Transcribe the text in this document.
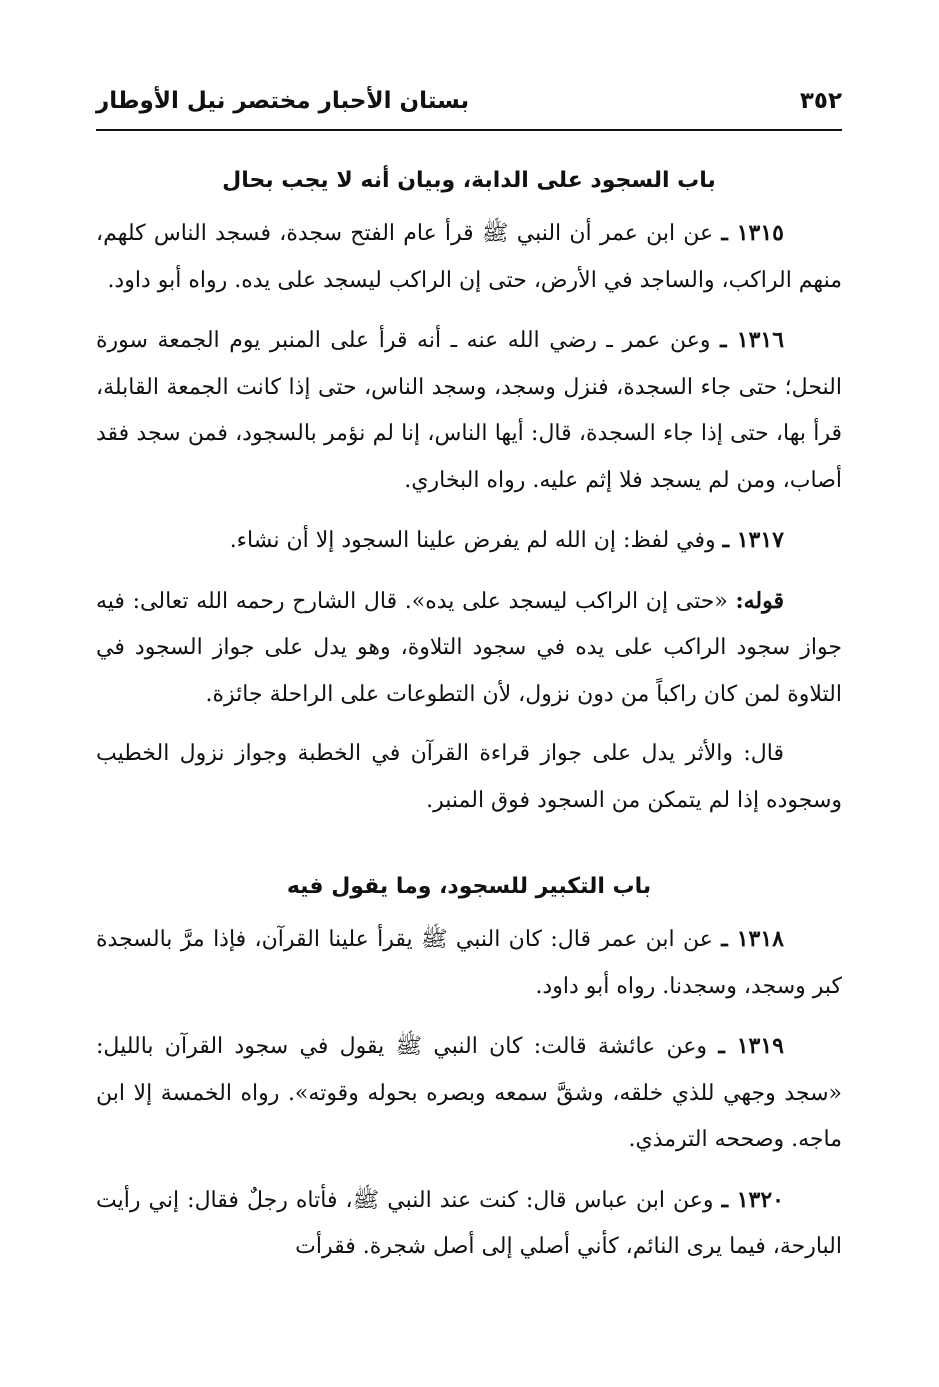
٣٥٢
بستان الأحبار مختصر نيل الأوطار
باب السجود على الدابة، وبيان أنه لا يجب بحال

١٣١٥ ـ عن ابن عمر أن النبي ﷺ قرأ عام الفتح سجدة، فسجد الناس كلهم، منهم الراكب، والساجد في الأرض، حتى إن الراكب ليسجد على يده. رواه أبو داود.

١٣١٦ ـ وعن عمر ـ رضي الله عنه ـ أنه قرأ على المنبر يوم الجمعة سورة النحل؛ حتى جاء السجدة، فنزل وسجد، وسجد الناس، حتى إذا كانت الجمعة القابلة، قرأ بها، حتى إذا جاء السجدة، قال: أيها الناس، إنا لم نؤمر بالسجود، فمن سجد فقد أصاب، ومن لم يسجد فلا إثم عليه. رواه البخاري.

١٣١٧ ـ وفي لفظ: إن الله لم يفرض علينا السجود إلا أن نشاء.

قوله: «حتى إن الراكب ليسجد على يده». قال الشارح رحمه الله تعالى: فيه جواز سجود الراكب على يده في سجود التلاوة، وهو يدل على جواز السجود في التلاوة لمن كان راكباً من دون نزول، لأن التطوعات على الراحلة جائزة.

قال: والأثر يدل على جواز قراءة القرآن في الخطبة وجواز نزول الخطيب وسجوده إذا لم يتمكن من السجود فوق المنبر.

باب التكبير للسجود، وما يقول فيه

١٣١٨ ـ عن ابن عمر قال: كان النبي ﷺ يقرأ علينا القرآن، فإذا مرَّ بالسجدة كبر وسجد، وسجدنا. رواه أبو داود.

١٣١٩ ـ وعن عائشة قالت: كان النبي ﷺ يقول في سجود القرآن بالليل: «سجد وجهي للذي خلقه، وشقَّ سمعه وبصره بحوله وقوته». رواه الخمسة إلا ابن ماجه. وصححه الترمذي.

١٣٢٠ ـ وعن ابن عباس قال: كنت عند النبي ﷺ، فأتاه رجلٌ فقال: إني رأيت البارحة، فيما يرى النائم، كأني أصلي إلى أصل شجرة. فقرأت
